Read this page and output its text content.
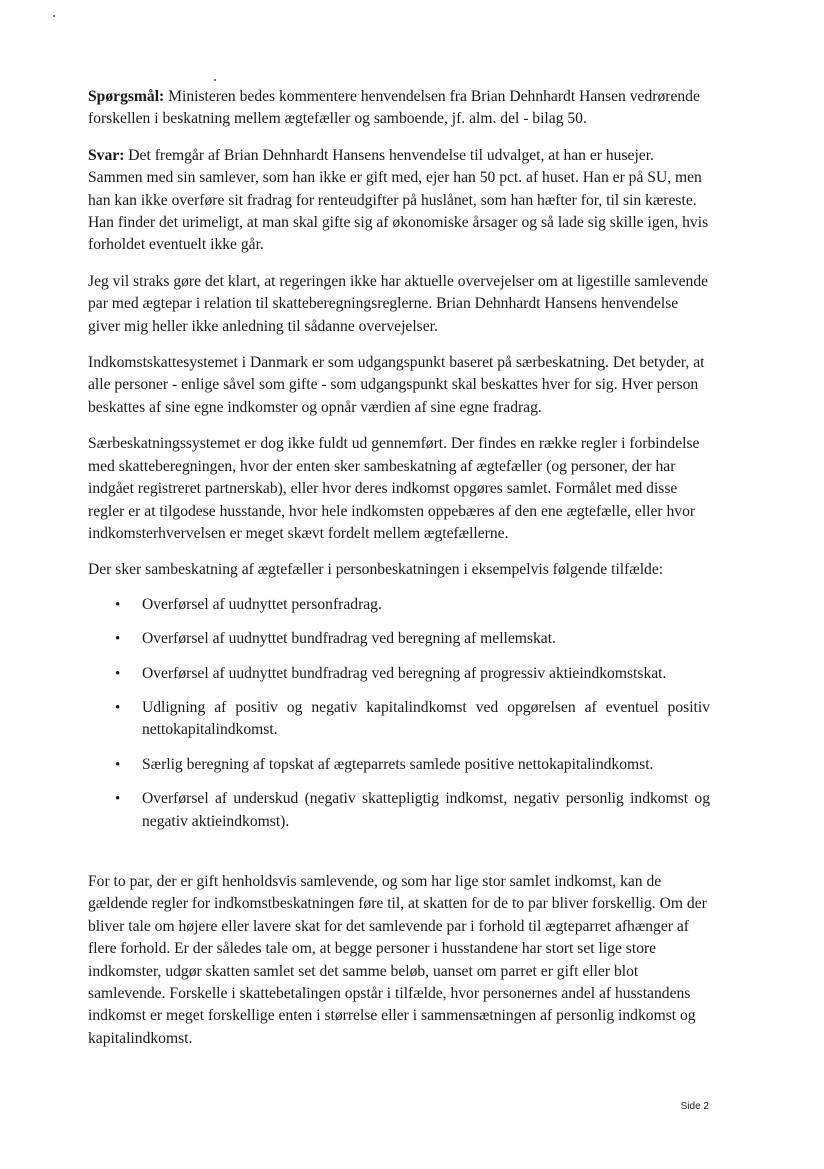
Spørgsmål: Ministeren bedes kommentere henvendelsen fra Brian Dehnhardt Hansen vedrørende forskellen i beskatning mellem ægtefæller og samboende, jf. alm. del - bilag 50.

Svar: Det fremgår af Brian Dehnhardt Hansens henvendelse til udvalget, at han er husejer. Sammen med sin samlever, som han ikke er gift med, ejer han 50 pct. af huset. Han er på SU, men han kan ikke overføre sit fradrag for renteudgifter på huslånet, som han hæfter for, til sin kæreste. Han finder det urimeligt, at man skal gifte sig af økonomiske årsager og så lade sig skille igen, hvis forholdet eventuelt ikke går.

Jeg vil straks gøre det klart, at regeringen ikke har aktuelle overvejelser om at ligestille samlevende par med ægtepar i relation til skatteberegningsreglerne. Brian Dehnhardt Hansens henvendelse giver mig heller ikke anledning til sådanne overvejelser.

Indkomstskattesystemet i Danmark er som udgangspunkt baseret på særbeskatning. Det betyder, at alle personer - enlige såvel som gifte - som udgangspunkt skal beskattes hver for sig. Hver person beskattes af sine egne indkomster og opnår værdien af sine egne fradrag.

Særbeskatningssystemet er dog ikke fuldt ud gennemført. Der findes en række regler i forbindelse med skatteberegningen, hvor der enten sker sambeskatning af ægtefæller (og personer, der har indgået registreret partnerskab), eller hvor deres indkomst opgøres samlet. Formålet med disse regler er at tilgodese husstande, hvor hele indkomsten oppebæres af den ene ægtefælle, eller hvor indkomsterhvervelsen er meget skævt fordelt mellem ægtefællerne.

Der sker sambeskatning af ægtefæller i personbeskatningen i eksempelvis følgende tilfælde:

• Overførsel af uudnyttet personfradrag.
• Overførsel af uudnyttet bundfradrag ved beregning af mellemskat.
• Overførsel af uudnyttet bundfradrag ved beregning af progressiv aktieindkomstskat.
• Udligning af positiv og negativ kapitalindkomst ved opgørelsen af eventuel positiv nettokapitalindkomst.
• Særlig beregning af topskat af ægteparrets samlede positive nettokapitalindkomst.
• Overførsel af underskud (negativ skattepligtig indkomst, negativ personlig indkomst og negativ aktieindkomst).

For to par, der er gift henholdsvis samlevende, og som har lige stor samlet indkomst, kan de gældende regler for indkomstbeskatningen føre til, at skatten for de to par bliver forskellig. Om der bliver tale om højere eller lavere skat for det samlevende par i forhold til ægteparret afhænger af flere forhold. Er der således tale om, at begge personer i husstandene har stort set lige store indkomster, udgør skatten samlet set det samme beløb, uanset om parret er gift eller blot samlevende. Forskelle i skattebetalingen opstår i tilfælde, hvor personernes andel af husstandens indkomst er meget forskellige enten i størrelse eller i sammensætningen af personlig indkomst og kapitalindkomst.

Side 2
